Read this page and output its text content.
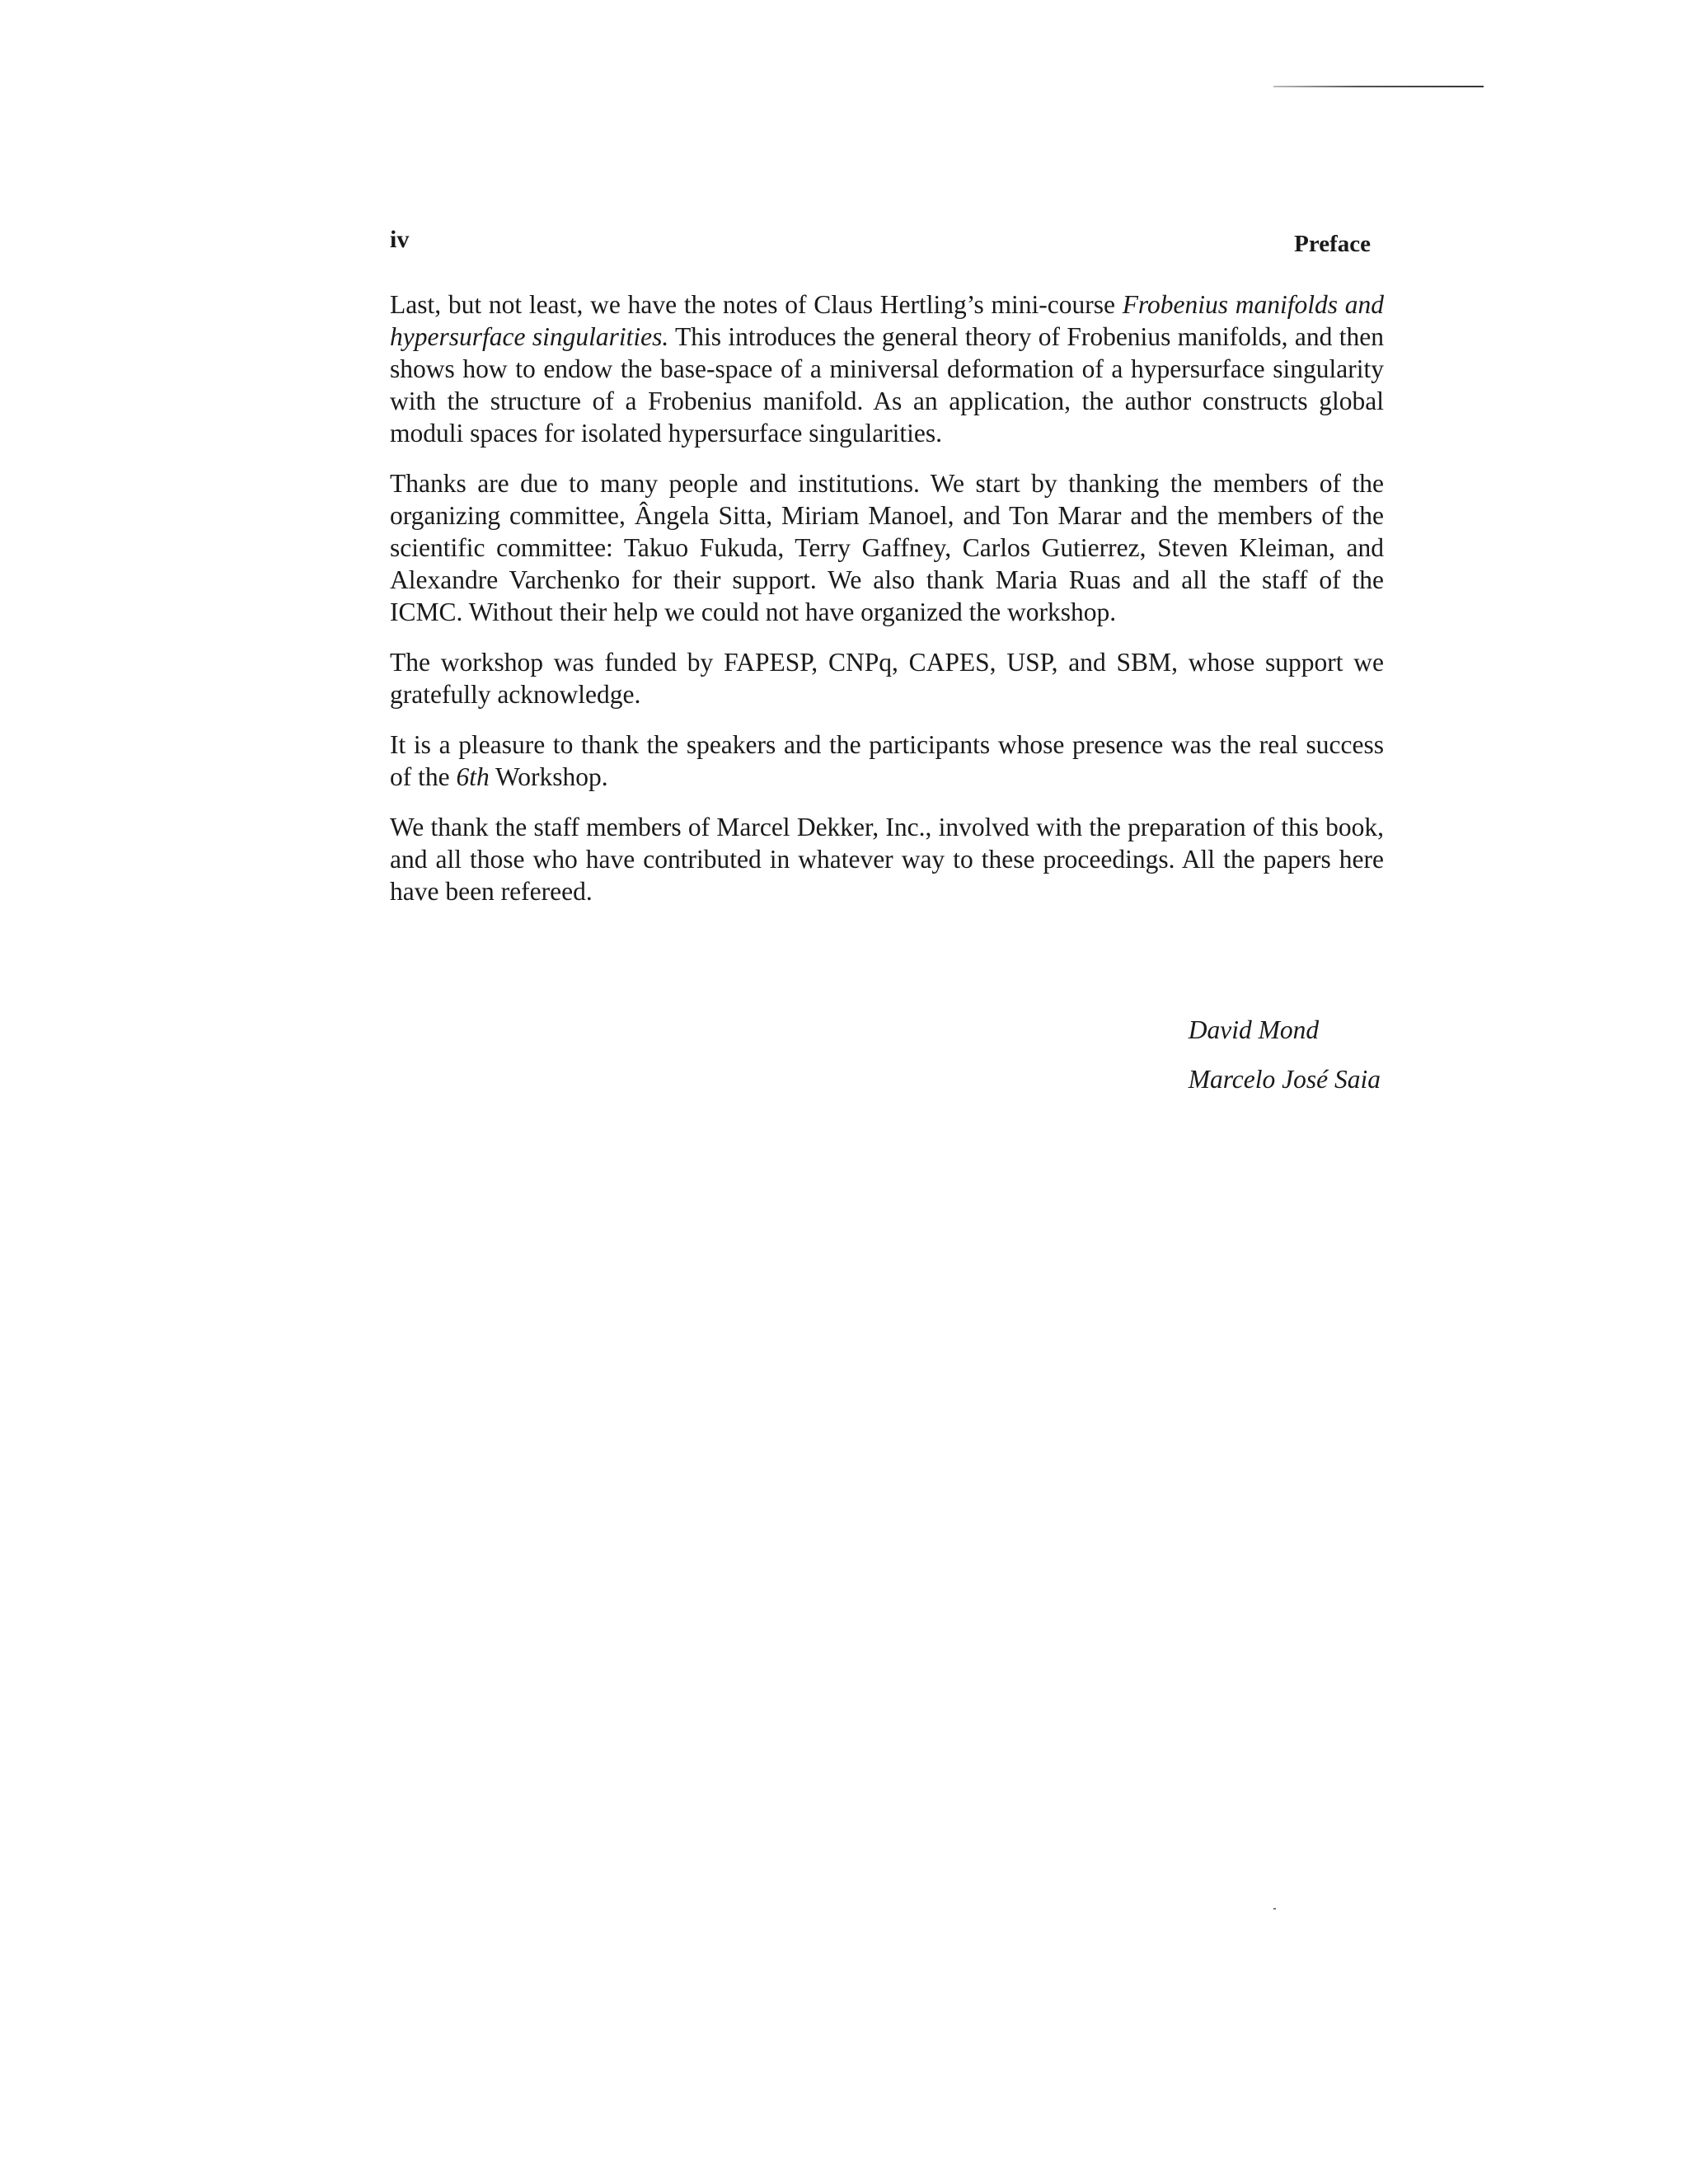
iv	Preface

Last, but not least, we have the notes of Claus Hertling’s mini-course Frobenius manifolds and hypersurface singularities. This introduces the general theory of Frobenius manifolds, and then shows how to endow the base-space of a miniversal deformation of a hypersurface singularity with the structure of a Frobenius manifold. As an application, the author constructs global moduli spaces for isolated hypersurface singularities.

Thanks are due to many people and institutions. We start by thanking the members of the organizing committee, Ângela Sitta, Miriam Manoel, and Ton Marar and the members of the scientific committee: Takuo Fukuda, Terry Gaffney, Carlos Gutierrez, Steven Kleiman, and Alexandre Varchenko for their support. We also thank Maria Ruas and all the staff of the ICMC. Without their help we could not have organized the workshop.

The workshop was funded by FAPESP, CNPq, CAPES, USP, and SBM, whose support we gratefully acknowledge.

It is a pleasure to thank the speakers and the participants whose presence was the real success of the 6th Workshop.

We thank the staff members of Marcel Dekker, Inc., involved with the preparation of this book, and all those who have contributed in whatever way to these proceedings. All the papers here have been refereed.

David Mond
Marcelo José Saia
